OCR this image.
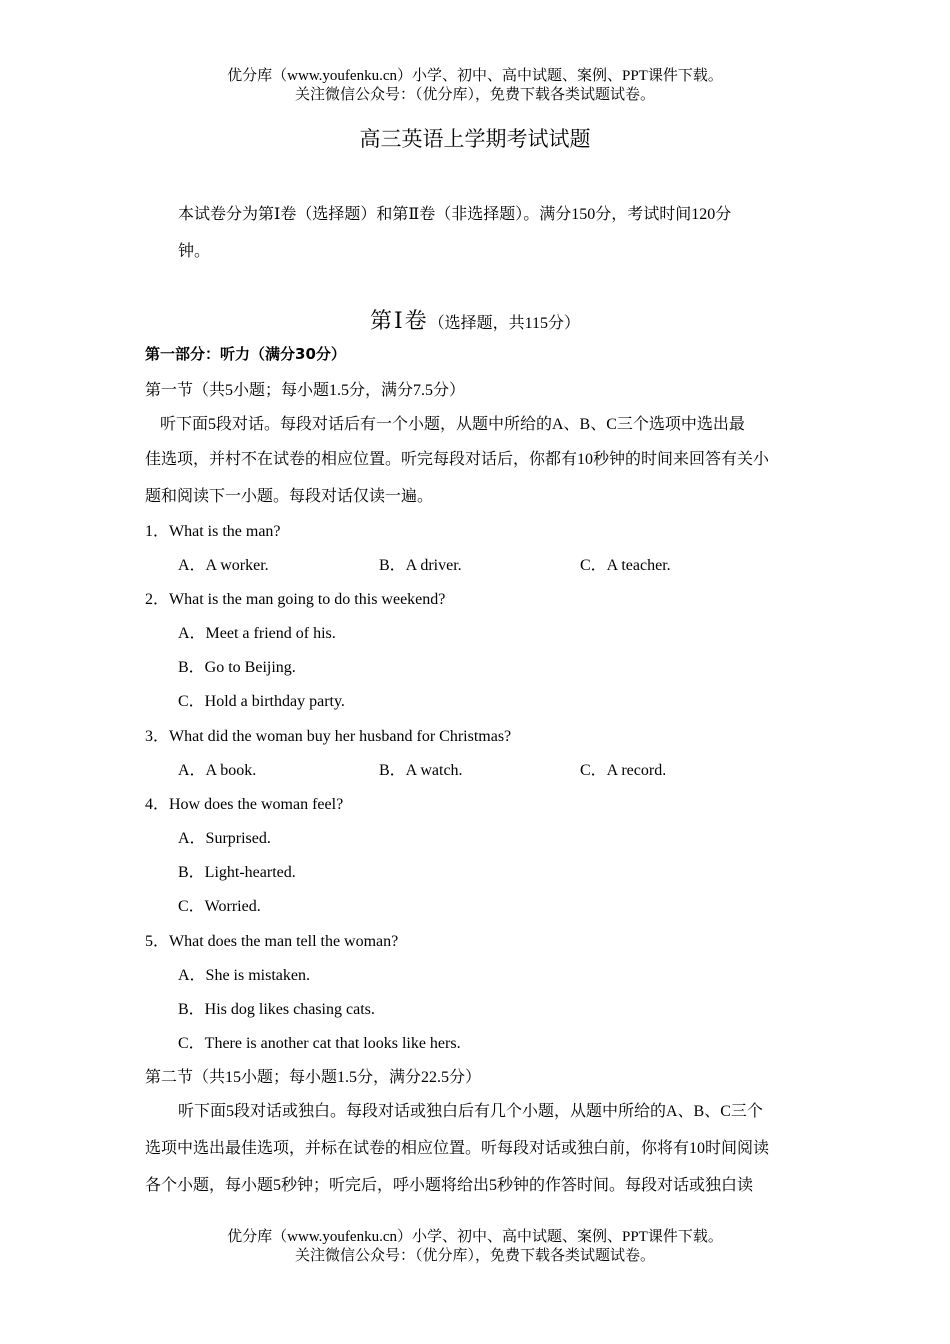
优分库（www.youfenku.cn）小学、初中、高中试题、案例、PPT课件下载。
关注微信公众号：（优分库），免费下载各类试题试卷。
高三英语上学期考试试题
本试卷分为第Ⅰ卷（选择题）和第Ⅱ卷（非选择题）。满分150分，考试时间120分
钟。
第Ⅰ卷（选择题，共115分）
第一部分：听力（满分30分）
第一节（共5小题；每小题1.5分，满分7.5分）
听下面5段对话。每段对话后有一个小题，从题中所给的A、B、C三个选项中选出最
佳选项，并村不在试卷的相应位置。听完每段对话后，你都有10秒钟的时间来回答有关小
题和阅读下一小题。每段对话仅读一遍。
1．What is the man?
A．A worker.	B．A driver.	C．A teacher.
2．What is the man going to do this weekend?
A．Meet a friend of his.
B．Go to Beijing.
C．Hold a birthday party.
3．What did the woman buy her husband for Christmas?
A．A book.	B．A watch.	C．A record.
4．How does the woman feel?
A．Surprised.
B．Light-hearted.
C．Worried.
5．What does the man tell the woman?
A．She is mistaken.
B．His dog likes chasing cats.
C．There is another cat that looks like hers.
第二节（共15小题；每小题1.5分，满分22.5分）
听下面5段对话或独白。每段对话或独白后有几个小题，从题中所给的A、B、C三个
选项中选出最佳选项，并标在试卷的相应位置。听每段对话或独白前，你将有10时间阅读
各个小题，每小题5秒钟；听完后，呼小题将给出5秒钟的作答时间。每段对话或独白读
优分库（www.youfenku.cn）小学、初中、高中试题、案例、PPT课件下载。
关注微信公众号：（优分库），免费下载各类试题试卷。
